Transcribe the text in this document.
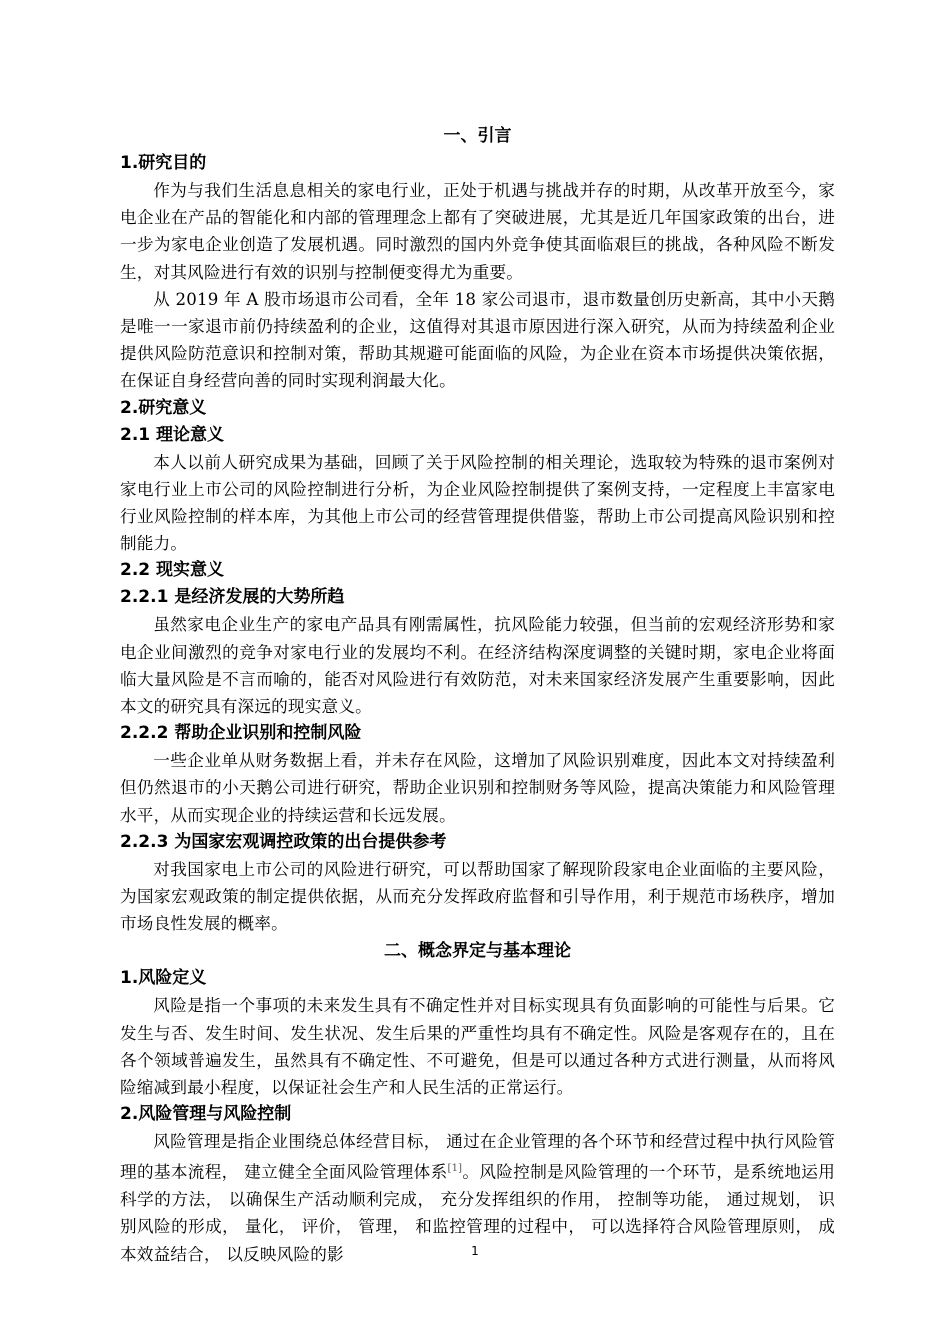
一、引言
1.研究目的

作为与我们生活息息相关的家电行业，正处于机遇与挑战并存的时期，从改革开放至今，家电企业在产品的智能化和内部的管理理念上都有了突破进展，尤其是近几年国家政策的出台，进一步为家电企业创造了发展机遇。同时激烈的国内外竞争使其面临艰巨的挑战，各种风险不断发生，对其风险进行有效的识别与控制便变得尤为重要。

从 2019 年 A 股市场退市公司看，全年 18 家公司退市，退市数量创历史新高，其中小天鹅是唯一一家退市前仍持续盈利的企业，这值得对其退市原因进行深入研究，从而为持续盈利企业提供风险防范意识和控制对策，帮助其规避可能面临的风险，为企业在资本市场提供决策依据，在保证自身经营向善的同时实现利润最大化。

2.研究意义
2.1 理论意义

本人以前人研究成果为基础，回顾了关于风险控制的相关理论，选取较为特殊的退市案例对家电行业上市公司的风险控制进行分析，为企业风险控制提供了案例支持，一定程度上丰富家电行业风险控制的样本库，为其他上市公司的经营管理提供借鉴，帮助上市公司提高风险识别和控制能力。

2.2 现实意义
2.2.1 是经济发展的大势所趋

虽然家电企业生产的家电产品具有刚需属性，抗风险能力较强，但当前的宏观经济形势和家电企业间激烈的竞争对家电行业的发展均不利。在经济结构深度调整的关键时期，家电企业将面临大量风险是不言而喻的，能否对风险进行有效防范，对未来国家经济发展产生重要影响，因此本文的研究具有深远的现实意义。

2.2.2 帮助企业识别和控制风险

一些企业单从财务数据上看，并未存在风险，这增加了风险识别难度，因此本文对持续盈利但仍然退市的小天鹅公司进行研究，帮助企业识别和控制财务等风险，提高决策能力和风险管理水平，从而实现企业的持续运营和长远发展。

2.2.3 为国家宏观调控政策的出台提供参考

对我国家电上市公司的风险进行研究，可以帮助国家了解现阶段家电企业面临的主要风险，为国家宏观政策的制定提供依据，从而充分发挥政府监督和引导作用，利于规范市场秩序，增加市场良性发展的概率。

二、概念界定与基本理论
1.风险定义

风险是指一个事项的未来发生具有不确定性并对目标实现具有负面影响的可能性与后果。它发生与否、发生时间、发生状况、发生后果的严重性均具有不确定性。风险是客观存在的，且在各个领域普遍发生，虽然具有不确定性、不可避免，但是可以通过各种方式进行测量，从而将风险缩减到最小程度，以保证社会生产和人民生活的正常运行。

2.风险管理与风险控制

风险管理是指企业围绕总体经营目标， 通过在企业管理的各个环节和经营过程中执行风险管理的基本流程， 建立健全全面风险管理体系[1]。风险控制是风险管理的一个环节，是系统地运用科学的方法， 以确保生产活动顺利完成， 充分发挥组织的作用， 控制等功能， 通过规划， 识别风险的形成， 量化， 评价， 管理， 和监控管理的过程中， 可以选择符合风险管理原则， 成本效益结合， 以反映风险的影	1
